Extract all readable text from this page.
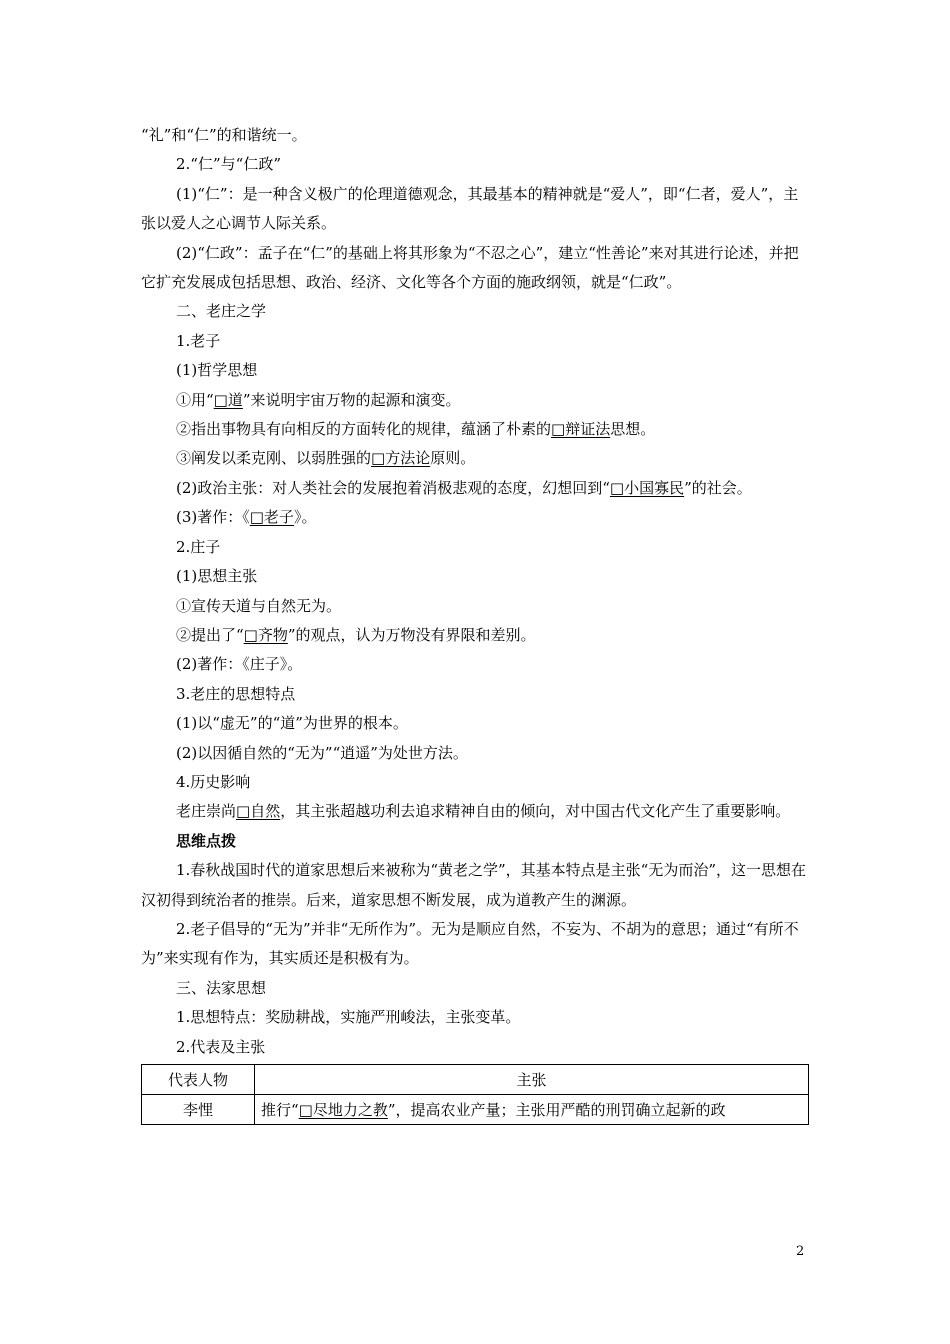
“礼”和“仁”的和谐统一。
2.“仁”与“仁政”
(1)“仁”：是一种含义极广的伦理道德观念，其最基本的精神就是“爱人”，即“仁者，爱人”，主张以爱人之心调节人际关系。
(2)“仁政”：孟子在“仁”的基础上将其形象为“不忍之心”，建立“性善论”来对其进行论述，并把它扩充发展成包括思想、政治、经济、文化等各个方面的施政纲领，就是“仁政”。
二、老庄之学
1.老子
(1)哲学思想
①用“□道”来说明宇宙万物的起源和演变。
②指出事物具有向相反的方面转化的规律，蕴涵了朴素的□辩证法思想。
③阐发以柔克刚、以弱胜强的□方法论原则。
(2)政治主张：对人类社会的发展抱着消极悲观的态度，幻想回到“□小国寡民”的社会。
(3)著作：《□老子》。
2.庄子
(1)思想主张
①宣传天道与自然无为。
②提出了“□齐物”的观点，认为万物没有界限和差别。
(2)著作：《庄子》。
3.老庄的思想特点
(1)以“虚无”的“道”为世界的根本。
(2)以因循自然的“无为”“逍遥”为处世方法。
4.历史影响
老庄崇尚□自然，其主张超越功利去追求精神自由的倾向，对中国古代文化产生了重要影响。
思维点拨
1.春秋战国时代的道家思想后来被称为“黄老之学”，其基本特点是主张“无为而治”，这一思想在汉初得到统治者的推崇。后来，道家思想不断发展，成为道教产生的渊源。
2.老子倡导的“无为”并非“无所作为”。无为是顺应自然，不妄为、不胡为的意思；通过“有所不为”来实现有作为，其实质还是积极有为。
三、法家思想
1.思想特点：奖励耕战，实施严刑峻法，主张变革。
2.代表及主张
代表人物	主张
李悝	推行“□尽地力之教”，提高农业产量；主张用严酷的刑罚确立起新的政
2
